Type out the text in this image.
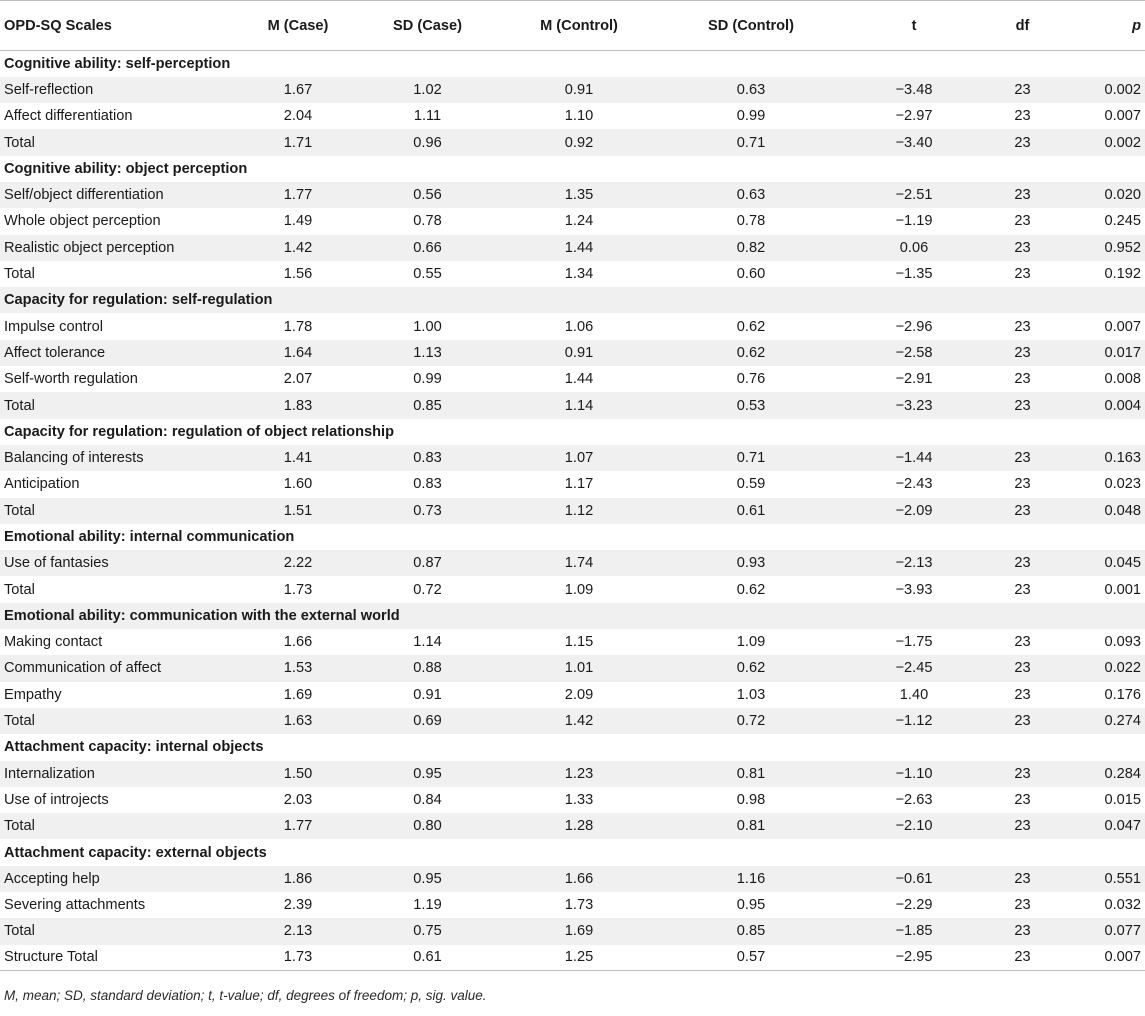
OPD-SQ Scales	M (Case)	SD (Case)	M (Control)	SD (Control)	t	df	p
Cognitive ability: self-perception							
Self-reflection	1.67	1.02	0.91	0.63	−3.48	23	0.002
Affect differentiation	2.04	1.11	1.10	0.99	−2.97	23	0.007
Total	1.71	0.96	0.92	0.71	−3.40	23	0.002
Cognitive ability: object perception							
Self/object differentiation	1.77	0.56	1.35	0.63	−2.51	23	0.020
Whole object perception	1.49	0.78	1.24	0.78	−1.19	23	0.245
Realistic object perception	1.42	0.66	1.44	0.82	0.06	23	0.952
Total	1.56	0.55	1.34	0.60	−1.35	23	0.192
Capacity for regulation: self-regulation							
Impulse control	1.78	1.00	1.06	0.62	−2.96	23	0.007
Affect tolerance	1.64	1.13	0.91	0.62	−2.58	23	0.017
Self-worth regulation	2.07	0.99	1.44	0.76	−2.91	23	0.008
Total	1.83	0.85	1.14	0.53	−3.23	23	0.004
Capacity for regulation: regulation of object relationship							
Balancing of interests	1.41	0.83	1.07	0.71	−1.44	23	0.163
Anticipation	1.60	0.83	1.17	0.59	−2.43	23	0.023
Total	1.51	0.73	1.12	0.61	−2.09	23	0.048
Emotional ability: internal communication							
Use of fantasies	2.22	0.87	1.74	0.93	−2.13	23	0.045
Total	1.73	0.72	1.09	0.62	−3.93	23	0.001
Emotional ability: communication with the external world							
Making contact	1.66	1.14	1.15	1.09	−1.75	23	0.093
Communication of affect	1.53	0.88	1.01	0.62	−2.45	23	0.022
Empathy	1.69	0.91	2.09	1.03	1.40	23	0.176
Total	1.63	0.69	1.42	0.72	−1.12	23	0.274
Attachment capacity: internal objects							
Internalization	1.50	0.95	1.23	0.81	−1.10	23	0.284
Use of introjects	2.03	0.84	1.33	0.98	−2.63	23	0.015
Total	1.77	0.80	1.28	0.81	−2.10	23	0.047
Attachment capacity: external objects							
Accepting help	1.86	0.95	1.66	1.16	−0.61	23	0.551
Severing attachments	2.39	1.19	1.73	0.95	−2.29	23	0.032
Total	2.13	0.75	1.69	0.85	−1.85	23	0.077
Structure Total	1.73	0.61	1.25	0.57	−2.95	23	0.007
M, mean; SD, standard deviation; t, t-value; df, degrees of freedom; p, sig. value.
